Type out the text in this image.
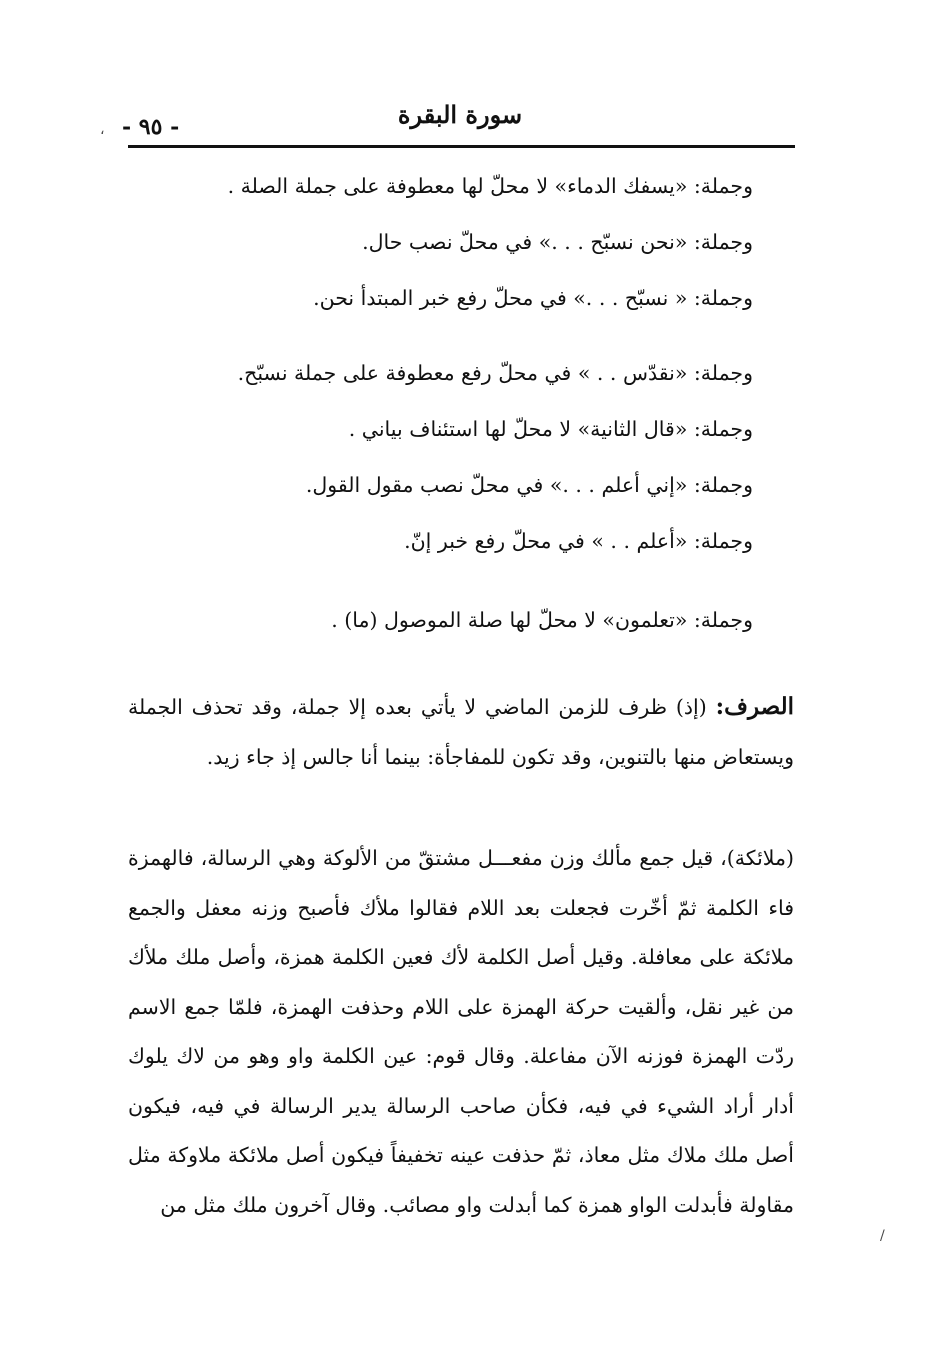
- ٩٥ -	سورة البقرة
،
وجملة: «يسفك الدماء» لا محلّ لها معطوفة على جملة الصلة .
وجملة: «نحن نسبّح . . .» في محلّ نصب حال.
وجملة: « نسبّح . . .» في محلّ رفع خبر المبتدأ نحن.
وجملة: «نقدّس . . » في محلّ رفع معطوفة على جملة نسبّح.
وجملة: «قال الثانية» لا محلّ لها استئناف بياني .
وجملة: «إني أعلم . . .» في محلّ نصب مقول القول.
وجملة: «أعلم . . » في محلّ رفع خبر إنّ.
وجملة: «تعلمون» لا محلّ لها صلة الموصول (ما) .
الصرف: (إذ) ظرف للزمن الماضي لا يأتي بعده إلا جملة، وقد تحذف الجملة ويستعاض منها بالتنوين، وقد تكون للمفاجأة: بينما أنا جالس إذ جاء زيد.
(ملائكة)، قيل جمع مألك وزن مفعـــل مشتقّ من الألوكة وهي الرسالة، فالهمزة فاء الكلمة ثمّ أخّرت فجعلت بعد اللام فقالوا ملأك فأصبح وزنه معفل والجمع ملائكة على معافلة. وقيل أصل الكلمة لأك فعين الكلمة همزة، وأصل ملك ملأك من غير نقل، وألقيت حركة الهمزة على اللام وحذفت الهمزة، فلمّا جمع الاسم ردّت الهمزة فوزنه الآن مفاعلة. وقال قوم: عين الكلمة واو وهو من لاك يلوك أدار أراد الشيء في فيه، فكأن صاحب الرسالة يدير الرسالة في فيه، فيكون أصل ملك ملاك مثل معاذ، ثمّ حذفت عينه تخفيفاً فيكون أصل ملائكة ملاوكة مثل مقاولة فأبدلت الواو همزة كما أبدلت واو مصائب. وقال آخرون ملك مثل من
/
